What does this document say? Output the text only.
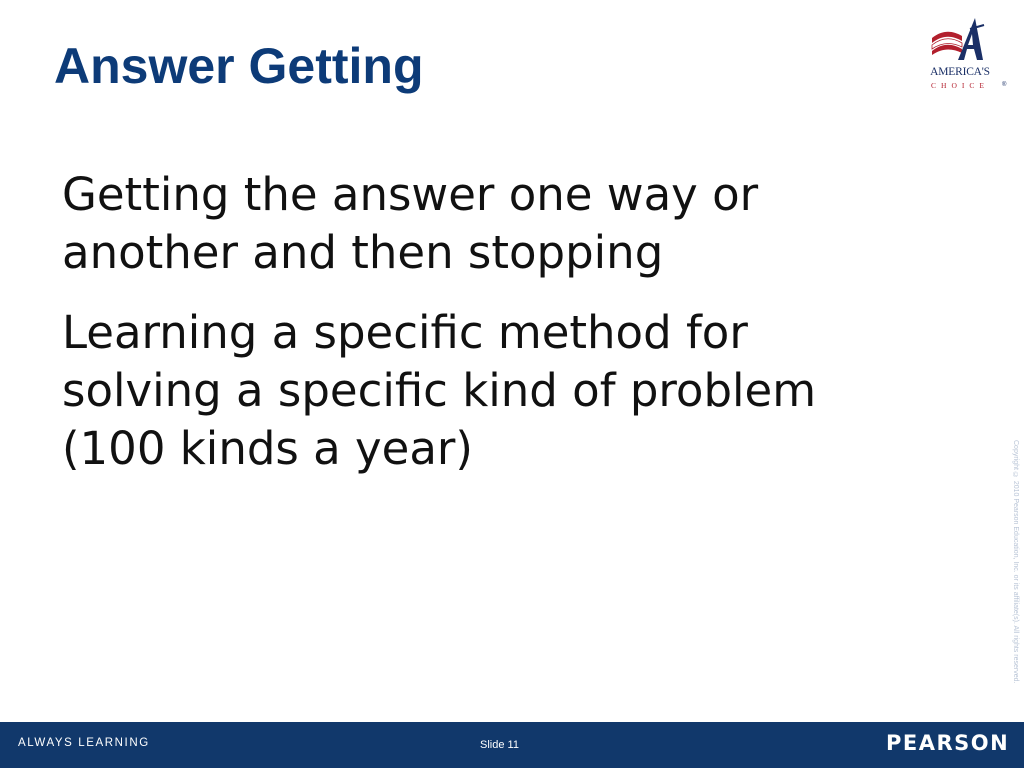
Answer Getting	AMERICA'S
CHOICE	®
Getting the answer one way or
another and then stopping
Learning a specific method for
solving a specific kind of problem
(100 kinds a year)	Copyright © 2010 Pearson Education, Inc. or its affiliate(s). All rights reserved.
ALWAYS LEARNING	Slide 11	PEARSON
